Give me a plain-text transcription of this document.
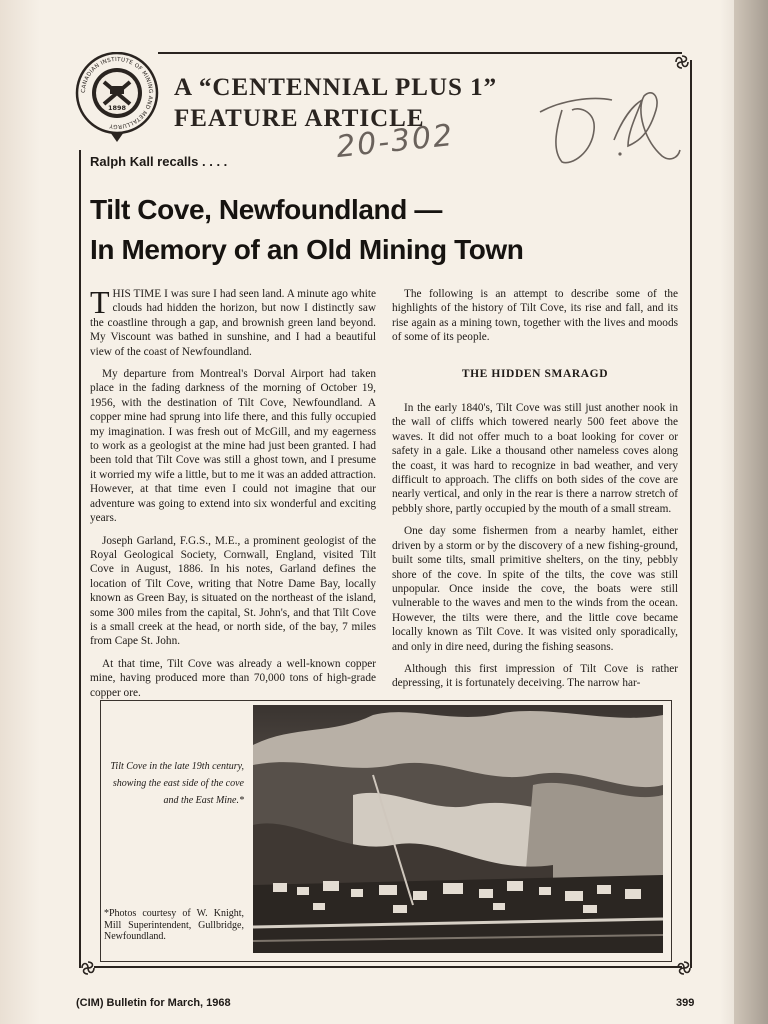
CANADIAN INSTITUTE OF MINING AND METALLURGY
1898
A “CENTENNIAL PLUS 1”
FEATURE ARTICLE
Ralph Kall recalls . . . .	20-302
Tilt Cove, Newfoundland —
In Memory of an Old Mining Town

THIS TIME I was sure I had seen land. A minute ago white clouds had hidden the horizon, but now I distinctly saw the coastline through a gap, and brownish green land beyond. My Viscount was bathed in sunshine, and I had a beautiful view of the coast of Newfoundland.

My departure from Montreal's Dorval Airport had taken place in the fading darkness of the morning of October 19, 1956, with the destination of Tilt Cove, Newfoundland. A copper mine had sprung into life there, and this fully occupied my imagination. I was fresh out of McGill, and my eagerness to work as a geologist at the mine had just been granted. I had been told that Tilt Cove was still a ghost town, and I presume it worried my wife a little, but to me it was an added attraction. However, at that time even I could not imagine that our adventure was going to extend into six wonderful and exciting years.

Joseph Garland, F.G.S., M.E., a prominent geologist of the Royal Geological Society, Cornwall, England, visited Tilt Cove in August, 1886. In his notes, Garland defines the location of Tilt Cove, writing that Notre Dame Bay, locally known as Green Bay, is situated on the northeast of the island, some 300 miles from the capital, St. John's, and that Tilt Cove is a small creek at the head, or north side, of the bay, 7 miles from Cape St. John.

At that time, Tilt Cove was already a well-known copper mine, having produced more than 70,000 tons of high-grade copper ore.

The following is an attempt to describe some of the highlights of the history of Tilt Cove, its rise and fall, and its rise again as a mining town, together with the lives and moods of some of its people.

THE HIDDEN SMARAGD

In the early 1840's, Tilt Cove was still just another nook in the wall of cliffs which towered nearly 500 feet above the waves. It did not offer much to a boat looking for cover or safety in a gale. Like a thousand other nameless coves along the coast, it was hard to recognize in bad weather, and very difficult to approach. The cliffs on both sides of the cove are nearly vertical, and only in the rear is there a narrow stretch of pebbly shore, partly occupied by the mouth of a small stream.

One day some fishermen from a nearby hamlet, either driven by a storm or by the discovery of a new fishing-ground, built some tilts, small primitive shelters, on the tiny, pebbly shore of the cove. In spite of the tilts, the cove was still unpopular. Once inside the cove, the boats were still vulnerable to the waves and men to the winds from the ocean. However, the tilts were there, and the little cove became locally known as Tilt Cove. It was visited only sporadically, and only in dire need, during the fishing seasons.

Although this first impression of Tilt Cove is rather depressing, it is fortunately deceiving. The narrow har-

Tilt Cove in the late 19th century, showing the east side of the cove and the East Mine.*
*Photos courtesy of W. Knight, Mill Superintendent, Gullbridge, Newfoundland.
(CIM) Bulletin for March, 1968	399
